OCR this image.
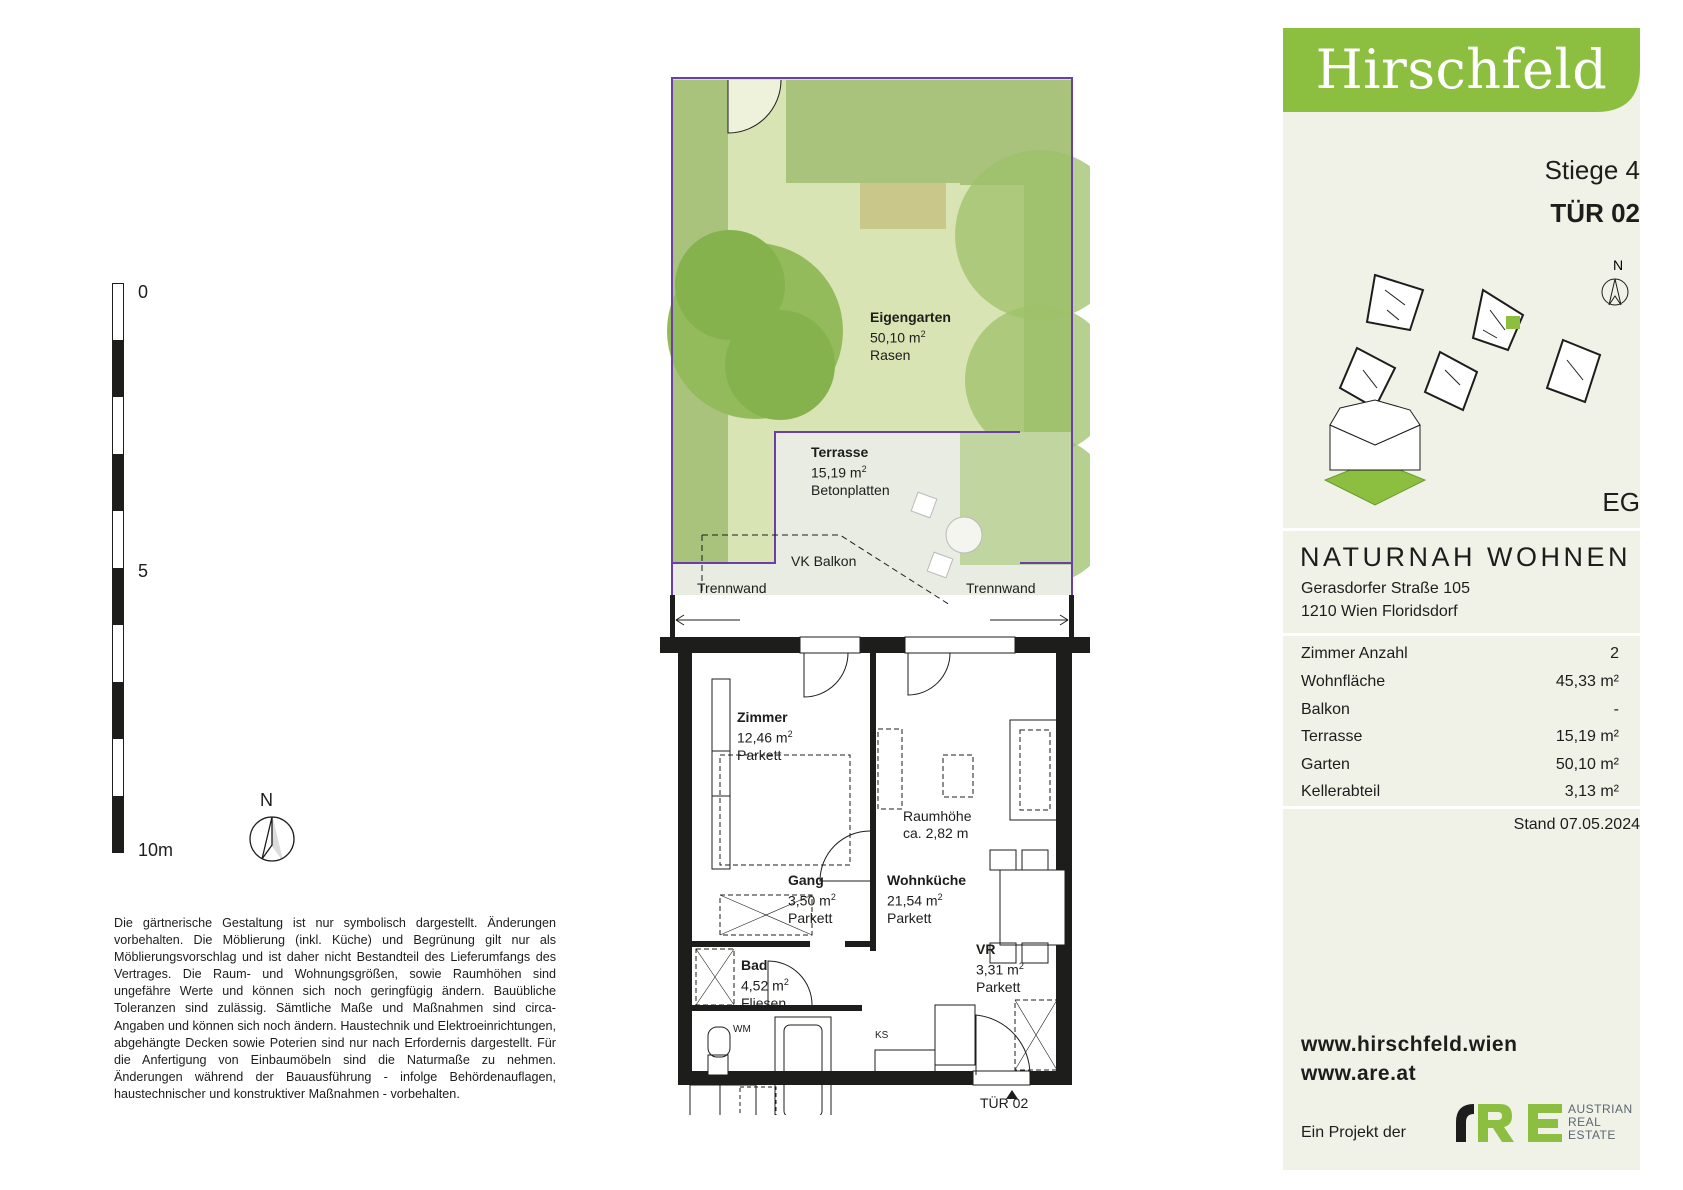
0
5
10m
N
Die gärtnerische Gestaltung ist nur symbolisch dargestellt. Änderungen vorbehalten. Die Möblierung (inkl. Küche) und Begrünung gilt nur als Möblierungsvorschlag und ist daher nicht Bestandteil des Lieferumfangs des Vertrages. Die Raum- und Wohnungsgrößen, sowie Raumhöhen sind ungefähre Werte und können sich noch geringfügig ändern. Bauübliche Toleranzen sind zulässig. Sämtliche Maße und Maßnahmen sind circa-Angaben und können sich noch ändern. Haustechnik und Elektroeinrichtungen, abgehängte Decken sowie Poterien sind nur nach Erfordernis dargestellt. Für die Anfertigung von Einbaumöbeln sind die Naturmaße zu nehmen. Änderungen während der Bauausführung - infolge Behördenauflagen, haustechnischer und konstruktiver Maßnahmen - vorbehalten.
Eigengarten
50,10 $m^2$
Rasen
Terrasse
15,19 $m^2$
Betonplatten
VK Balkon
Trennwand	Trennwand
Zimmer
12,46 $m^2$
Parkett
Raumhöhe
ca. 2,82 m
Gang
3,50 $m^2$
Parkett
Wohnküche
21,54 $m^2$
Parkett
VR
3,31 $m^2$
Parkett
Bad
4,52 $m^2$
Fliesen
WM
KS
TÜR 02
Hirschfeld
Stiege 4
TÜR 02
N
EG
NATURNAH WOHNEN
Gerasdorfer Straße 105
1210 Wien Floridsdorf
Zimmer Anzahl	2
Wohnfläche	45,33 m²
Balkon	-
Terrasse	15,19 m²
Garten	50,10 m²
Kellerabteil	3,13 m²
Stand 07.05.2024
www.hirschfeld.wien
www.are.at
Ein Projekt der
AUSTRIAN
REAL
ESTATE
